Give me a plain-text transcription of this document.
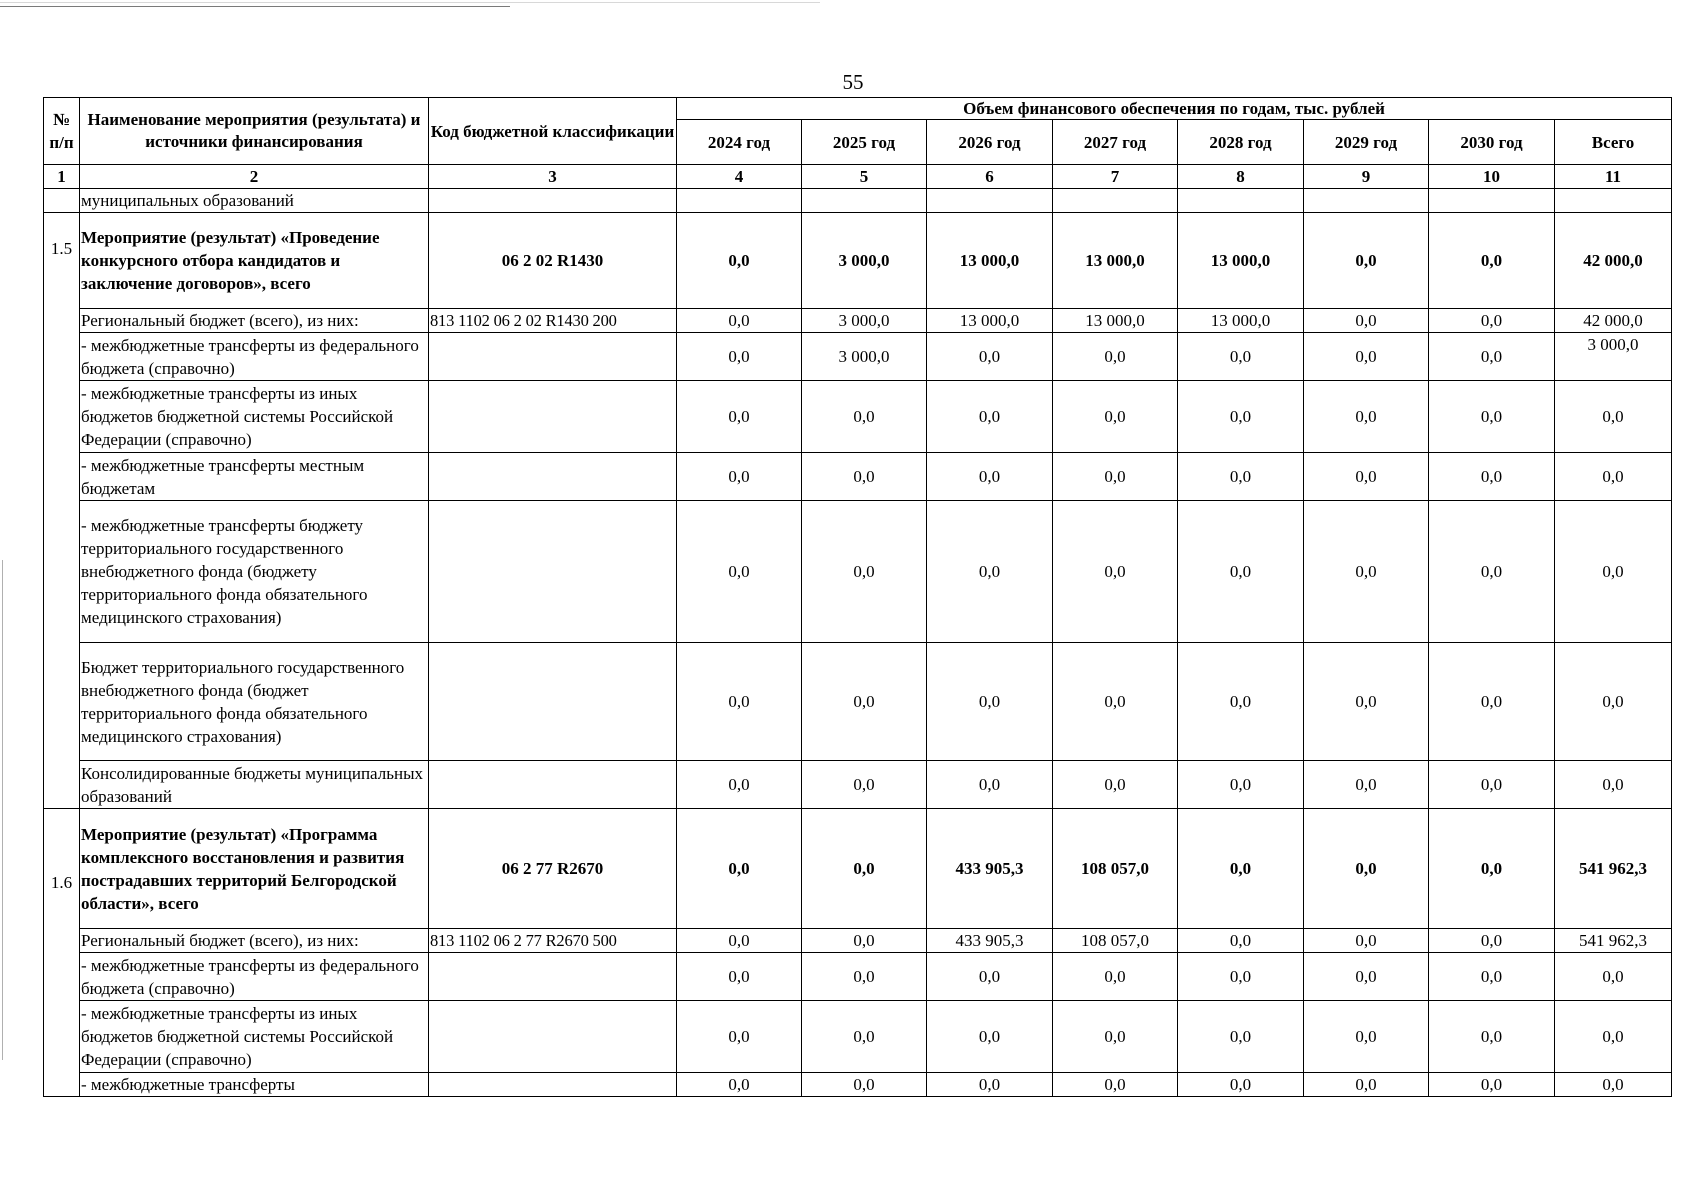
55
№ п/п	Наименование мероприятия (результата) и источники финансирования	Код бюджетной классификации	Объем финансового обеспечения по годам, тыс. рублей							
			2024 год	2025 год	2026 год	2027 год	2028 год	2029 год	2030 год	Всего
1	2	3	4	5	6	7	8	9	10	11
	муниципальных образований									
1.5	Мероприятие (результат) «Проведение конкурсного отбора кандидатов и заключение договоров», всего	06 2 02 R1430	0,0	3 000,0	13 000,0	13 000,0	13 000,0	0,0	0,0	42 000,0
	Региональный бюджет (всего), из них:	813 1102 06 2 02 R1430 200	0,0	3 000,0	13 000,0	13 000,0	13 000,0	0,0	0,0	42 000,0
	- межбюджетные трансферты из федерального бюджета (справочно)		0,0	3 000,0	0,0	0,0	0,0	0,0	0,0	3 000,0
	- межбюджетные трансферты из иных бюджетов бюджетной системы Российской Федерации (справочно)		0,0	0,0	0,0	0,0	0,0	0,0	0,0	0,0
	- межбюджетные трансферты местным бюджетам		0,0	0,0	0,0	0,0	0,0	0,0	0,0	0,0
	- межбюджетные трансферты бюджету территориального государственного внебюджетного фонда (бюджету территориального фонда обязательного медицинского страхования)		0,0	0,0	0,0	0,0	0,0	0,0	0,0	0,0
	Бюджет территориального государственного внебюджетного фонда (бюджет территориального фонда обязательного медицинского страхования)		0,0	0,0	0,0	0,0	0,0	0,0	0,0	0,0
	Консолидированные бюджеты муниципальных образований		0,0	0,0	0,0	0,0	0,0	0,0	0,0	0,0
1.6	Мероприятие (результат) «Программа комплексного восстановления и развития пострадавших территорий Белгородской области», всего	06 2 77 R2670	0,0	0,0	433 905,3	108 057,0	0,0	0,0	0,0	541 962,3
	Региональный бюджет (всего), из них:	813 1102 06 2 77 R2670 500	0,0	0,0	433 905,3	108 057,0	0,0	0,0	0,0	541 962,3
	- межбюджетные трансферты из федерального бюджета (справочно)		0,0	0,0	0,0	0,0	0,0	0,0	0,0	0,0
	- межбюджетные трансферты из иных бюджетов бюджетной системы Российской Федерации (справочно)		0,0	0,0	0,0	0,0	0,0	0,0	0,0	0,0
	- межбюджетные трансферты		0,0	0,0	0,0	0,0	0,0	0,0	0,0	0,0
